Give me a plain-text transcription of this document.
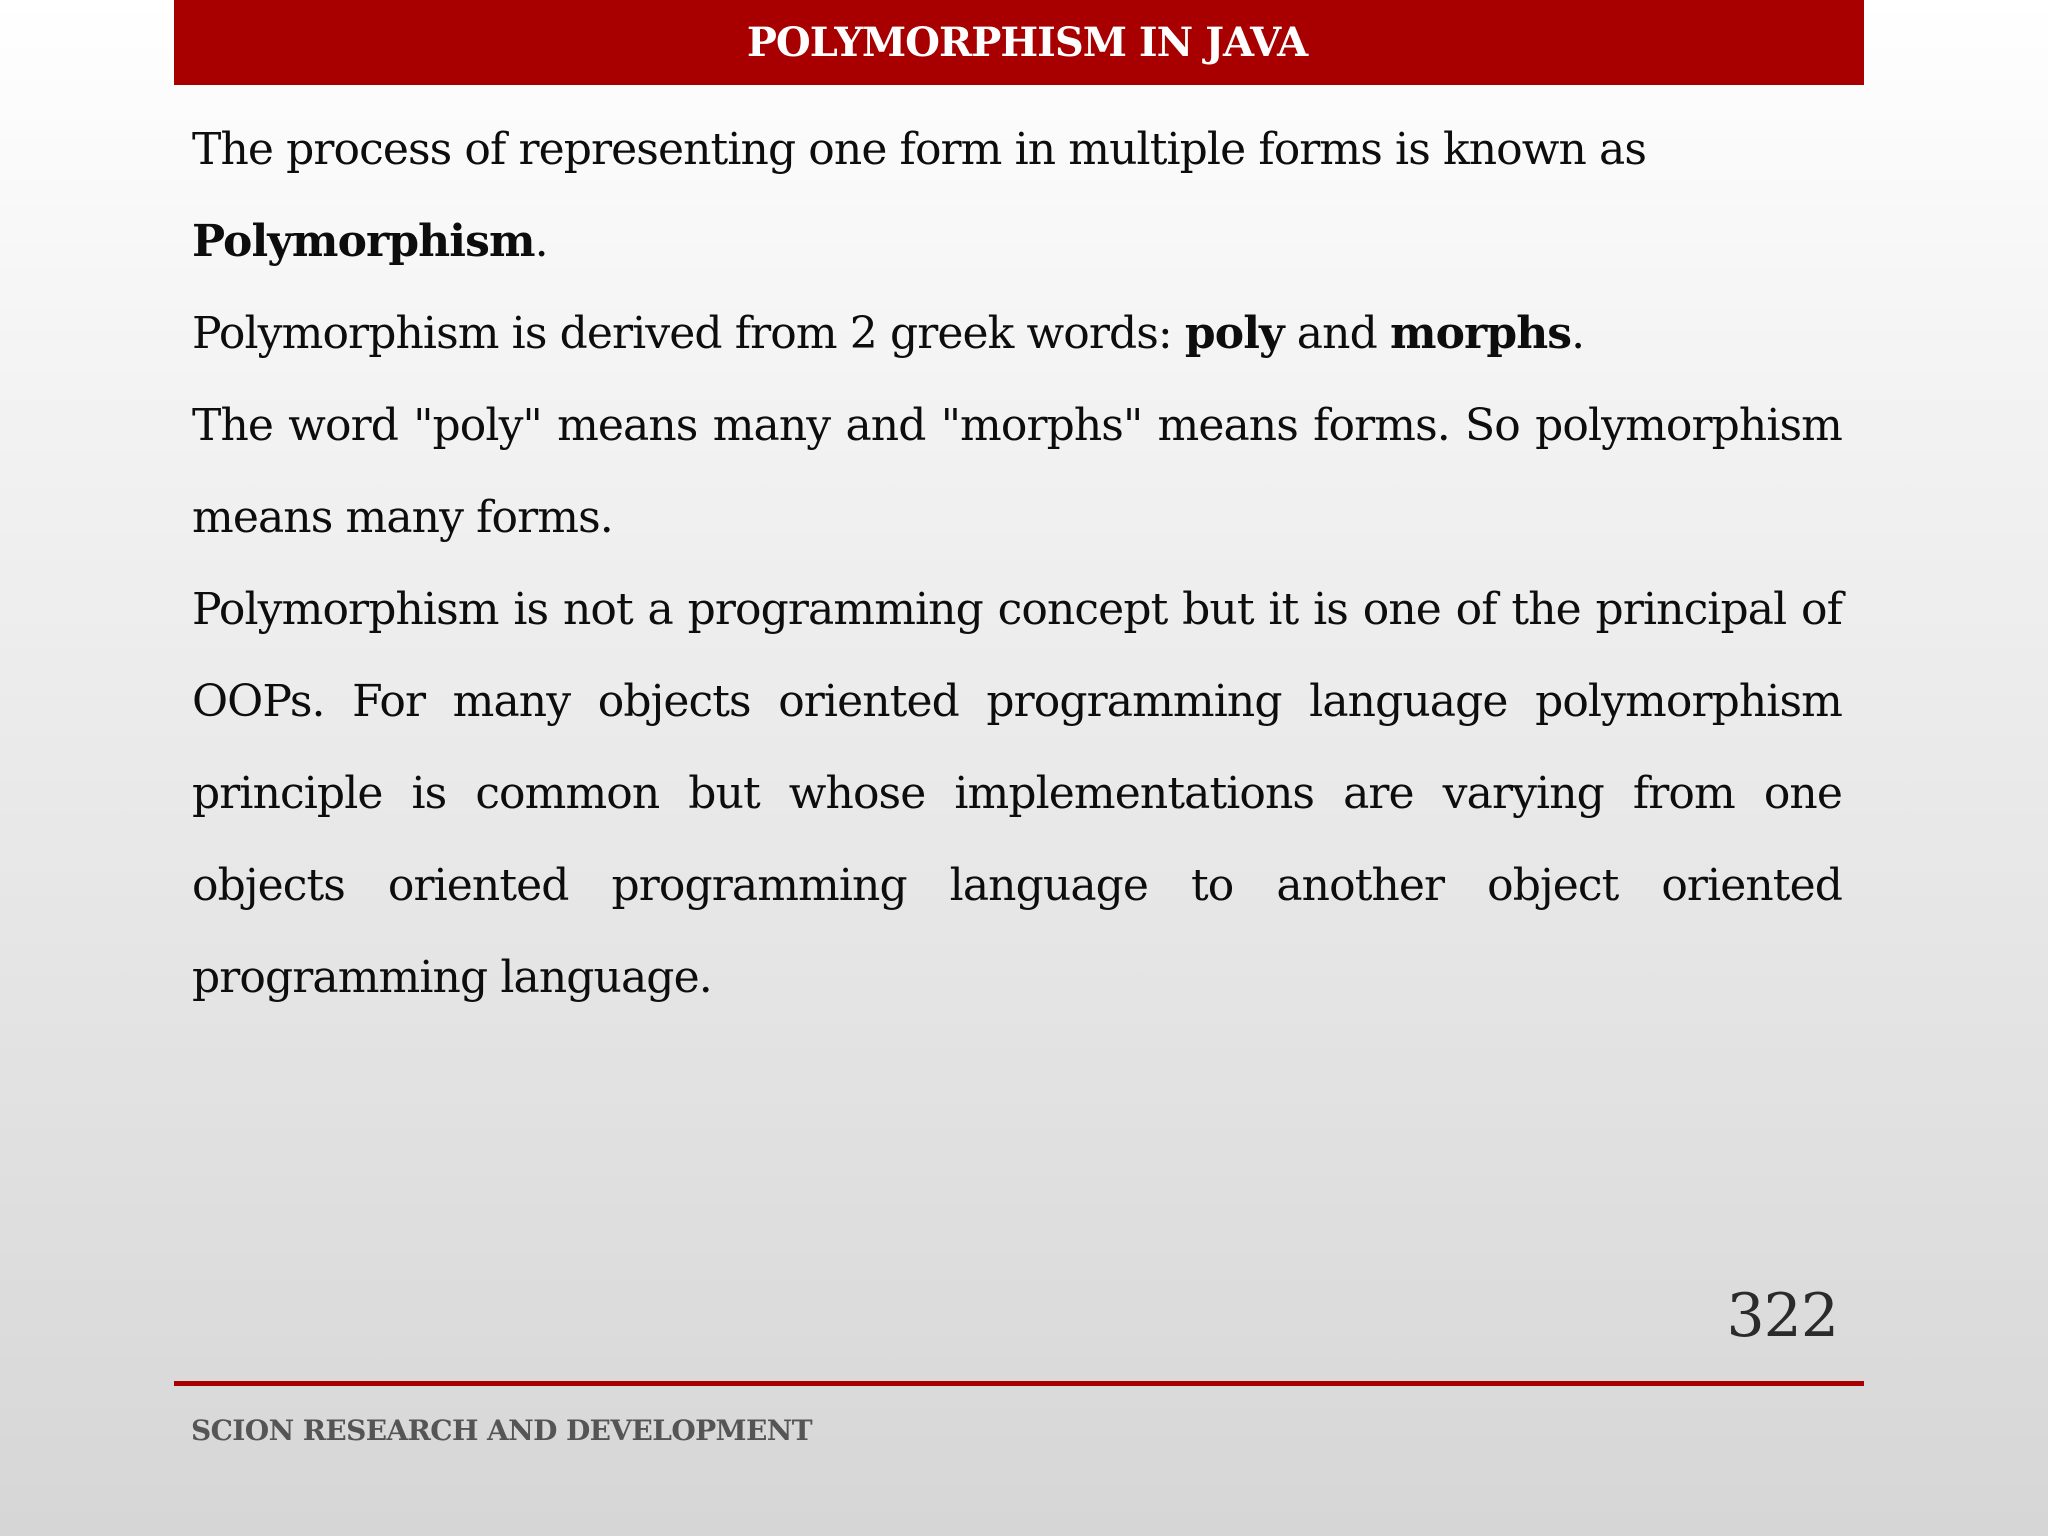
POLYMORPHISM IN JAVA

The process of representing one form in multiple forms is known as Polymorphism.

Polymorphism is derived from 2 greek words: poly and morphs.

The word "poly" means many and "morphs" means forms. So polymorphism means many forms.

Polymorphism is not a programming concept but it is one of the principal of OOPs. For many objects oriented programming language polymorphism principle is common but whose implementations are varying from one objects oriented programming language to another object oriented programming language.

322
SCION RESEARCH AND DEVELOPMENT
